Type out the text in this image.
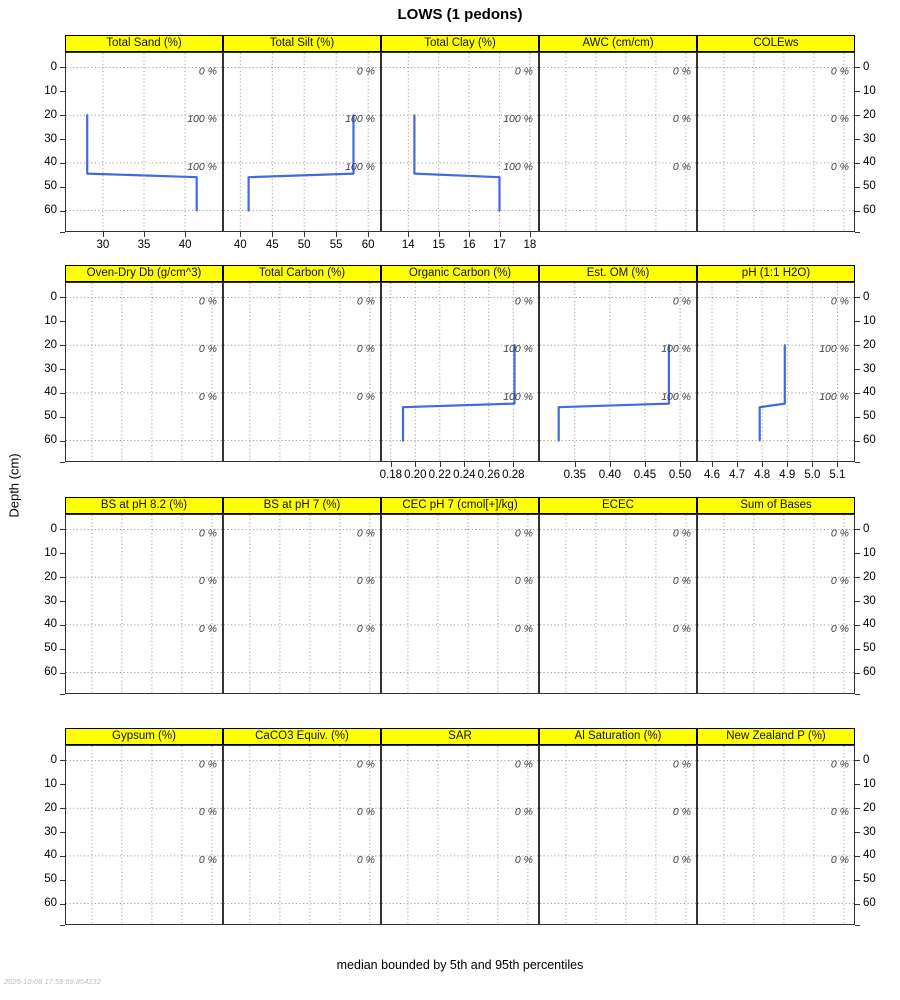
LOWS (1 pedons)
Depth (cm)
0	0
10	10
20	20
30	30
40	40
50	50
60	60
Total Sand (%)
0 %
100 %
100 %
30 35 40
Total Silt (%)
0 %
100 %
100 %
40 45 50 55 60
Total Clay (%)
0 %
100 %
100 %
14 15 16 17 18
AWC (cm/cm)
0 %
0 %
0 %
COLEws
0 %
0 %
0 %
0	0
10	10
20	20
30	30
40	40
50	50
60	60
Oven-Dry Db (g/cm^3)
0 %
0 %
0 %
Total Carbon (%)
0 %
0 %
0 %
Organic Carbon (%)
0 %
100 %
100 %
0.18 0.20 0.22 0.24 0.26 0.28
Est. OM (%)
0 %
100 %
100 %
0.35 0.40 0.45 0.50
pH (1:1 H2O)
0 %
100 %
100 %
4.6 4.7 4.8 4.9 5.0 5.1
0	0
10	10
20	20
30	30
40	40
50	50
60	60
BS at pH 8.2 (%)
0 %
0 %
0 %
BS at pH 7 (%)
0 %
0 %
0 %
CEC pH 7 (cmol[+]/kg)
0 %
0 %
0 %
ECEC
0 %
0 %
0 %
Sum of Bases
0 %
0 %
0 %
0	0
10	10
20	20
30	30
40	40
50	50
60	60
Gypsum (%)
0 %
0 %
0 %
CaCO3 Equiv. (%)
0 %
0 %
0 %
SAR
0 %
0 %
0 %
Al Saturation (%)
0 %
0 %
0 %
New Zealand P (%)
0 %
0 %
0 %
median bounded by 5th and 95th percentiles
2025-10-08 17:59:59.854232
